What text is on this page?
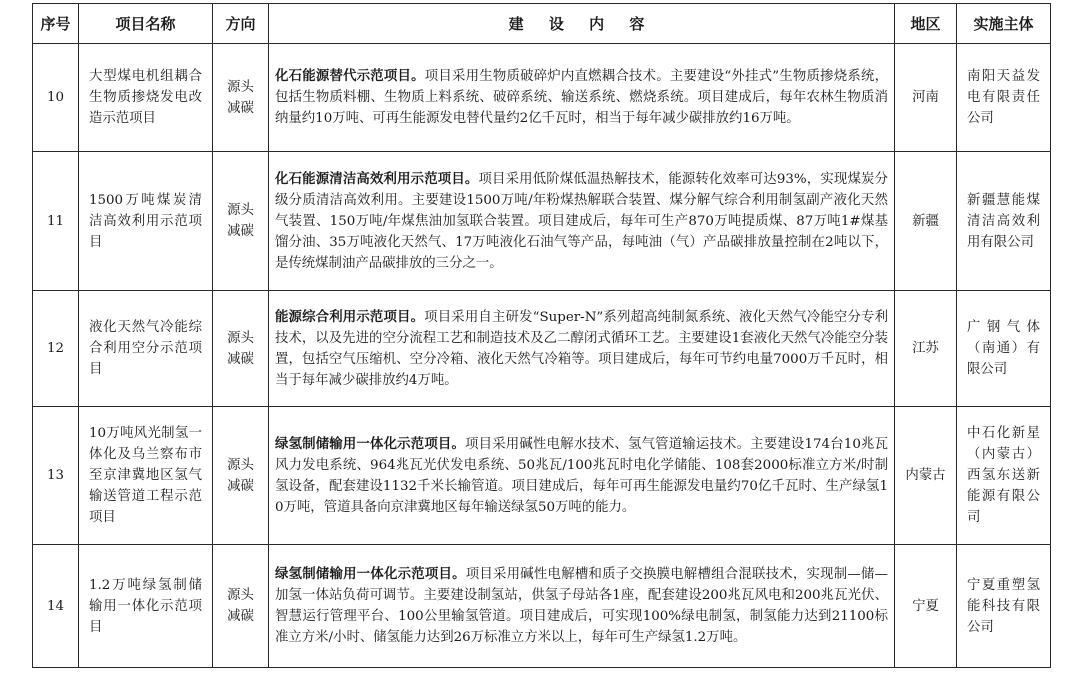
序号	项目名称	方向	建 设 内 容	地区	实施主体
10	大型煤电机组耦合生物质掺烧发电改造示范项目	源头减碳	化石能源替代示范项目。项目采用生物质破碎炉内直燃耦合技术。主要建设“外挂式”生物质掺烧系统，包括生物质料棚、生物质上料系统、破碎系统、输送系统、燃烧系统。项目建成后，每年农林生物质消纳量约10万吨、可再生能源发电替代量约2亿千瓦时，相当于每年减少碳排放约16万吨。	河南	南阳天益发电有限责任公司
11	1500万吨煤炭清洁高效利用示范项目	源头减碳	化石能源清洁高效利用示范项目。项目采用低阶煤低温热解技术，能源转化效率可达93%，实现煤炭分级分质清洁高效利用。主要建设1500万吨/年粉煤热解联合装置、煤分解气综合利用制氢副产液化天然气装置、150万吨/年煤焦油加氢联合装置。项目建成后，每年可生产870万吨提质煤、87万吨1#煤基馏分油、35万吨液化天然气、17万吨液化石油气等产品，每吨油（气）产品碳排放量控制在2吨以下，是传统煤制油产品碳排放的三分之一。	新疆	新疆慧能煤清洁高效利用有限公司
12	液化天然气冷能综合利用空分示范项目	源头减碳	能源综合利用示范项目。项目采用自主研发“Super-N”系列超高纯制氮系统、液化天然气冷能空分专利技术，以及先进的空分流程工艺和制造技术及乙二醇闭式循环工艺。主要建设1套液化天然气冷能空分装置，包括空气压缩机、空分冷箱、液化天然气冷箱等。项目建成后，每年可节约电量7000万千瓦时，相当于每年减少碳排放约4万吨。	江苏	广钢气体（南通）有限公司
13	10万吨风光制氢一体化及乌兰察布市至京津冀地区氢气输送管道工程示范项目	源头减碳	绿氢制储输用一体化示范项目。项目采用碱性电解水技术、氢气管道输运技术。主要建设174台10兆瓦风力发电系统、964兆瓦光伏发电系统、50兆瓦/100兆瓦时电化学储能、108套2000标准立方米/时制氢设备，配套建设1132千米长输管道。项目建成后，每年可再生能源发电量约70亿千瓦时、生产绿氢10万吨，管道具备向京津冀地区每年输送绿氢50万吨的能力。	内蒙古	中石化新星（内蒙古）西氢东送新能源有限公司
14	1.2万吨绿氢制储输用一体化示范项目	源头减碳	绿氢制储输用一体化示范项目。项目采用碱性电解槽和质子交换膜电解槽组合混联技术，实现制—储—加氢一体站负荷可调节。主要建设制氢站，供氢子母站各1座，配套建设200兆瓦风电和200兆瓦光伏、智慧运行管理平台、100公里输氢管道。项目建成后，可实现100%绿电制氢，制氢能力达到21100标准立方米/小时、储氢能力达到26万标准立方米以上，每年可生产绿氢1.2万吨。	宁夏	宁夏重塑氢能科技有限公司
